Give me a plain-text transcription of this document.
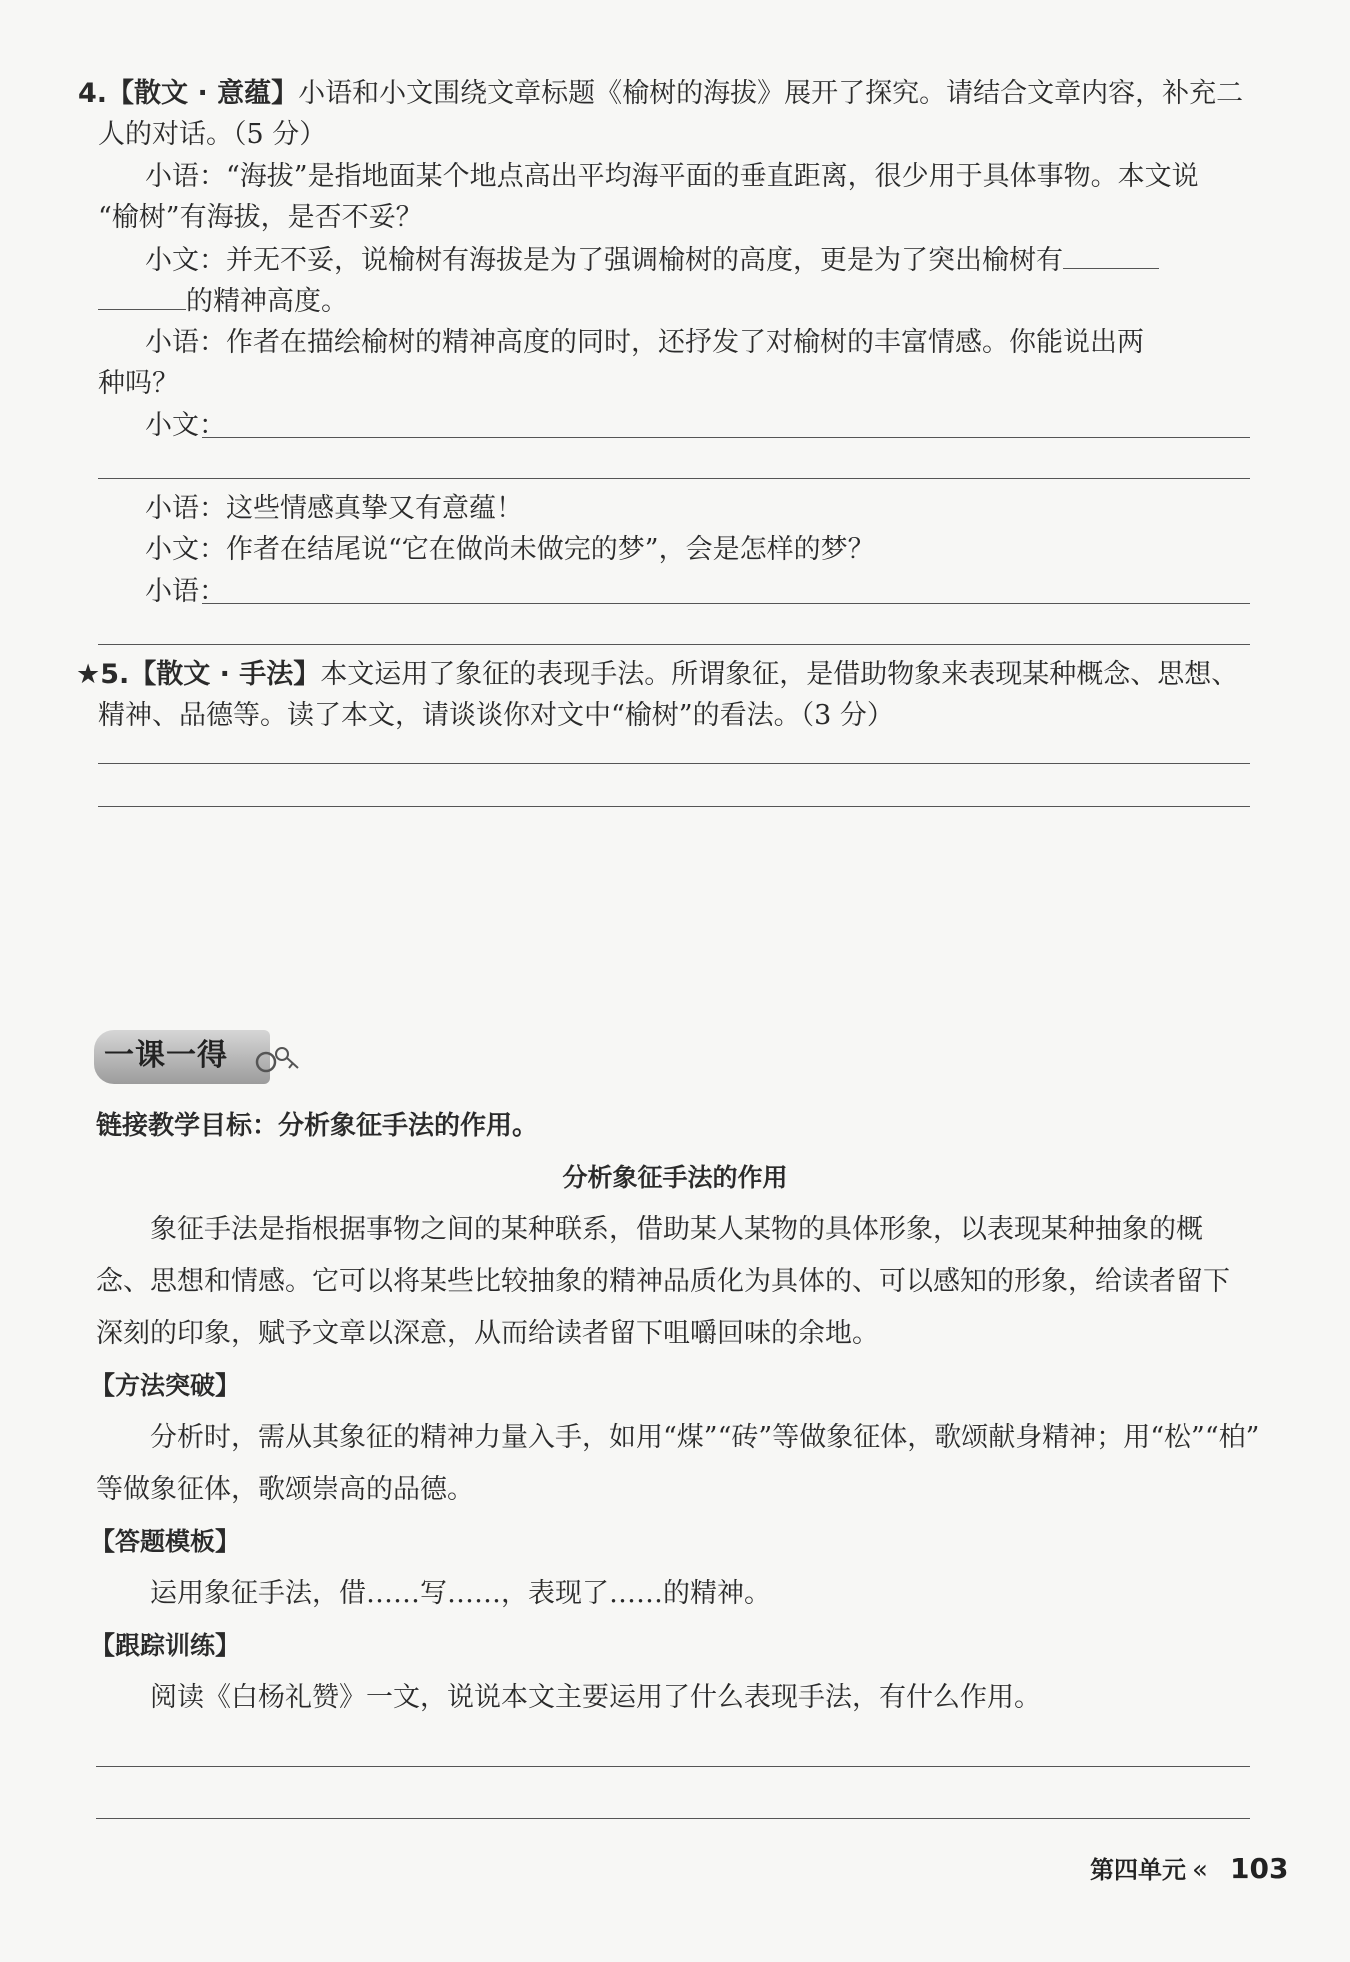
4.【散文 · 意蕴】小语和小文围绕文章标题《榆树的海拔》展开了探究。请结合文章内容，补充二
人的对话。（5 分）
小语：“海拔”是指地面某个地点高出平均海平面的垂直距离，很少用于具体事物。本文说
“榆树”有海拔，是否不妥？
小文：并无不妥，说榆树有海拔是为了强调榆树的高度，更是为了突出榆树有
的精神高度。
小语：作者在描绘榆树的精神高度的同时，还抒发了对榆树的丰富情感。你能说出两
种吗？
小文：
小语：这些情感真挚又有意蕴！
小文：作者在结尾说“它在做尚未做完的梦”，会是怎样的梦？
小语：
★5.【散文 · 手法】本文运用了象征的表现手法。所谓象征，是借助物象来表现某种概念、思想、
精神、品德等。读了本文，请谈谈你对文中“榆树”的看法。（3 分）
一课一得
链接教学目标：分析象征手法的作用。
分析象征手法的作用
象征手法是指根据事物之间的某种联系，借助某人某物的具体形象，以表现某种抽象的概
念、思想和情感。它可以将某些比较抽象的精神品质化为具体的、可以感知的形象，给读者留下
深刻的印象，赋予文章以深意，从而给读者留下咀嚼回味的余地。
【方法突破】
分析时，需从其象征的精神力量入手，如用“煤”“砖”等做象征体，歌颂献身精神；用“松”“柏”
等做象征体，歌颂崇高的品德。
【答题模板】
运用象征手法，借……写……，表现了……的精神。
【跟踪训练】
阅读《白杨礼赞》一文，说说本文主要运用了什么表现手法，有什么作用。
第四单元 « 103
